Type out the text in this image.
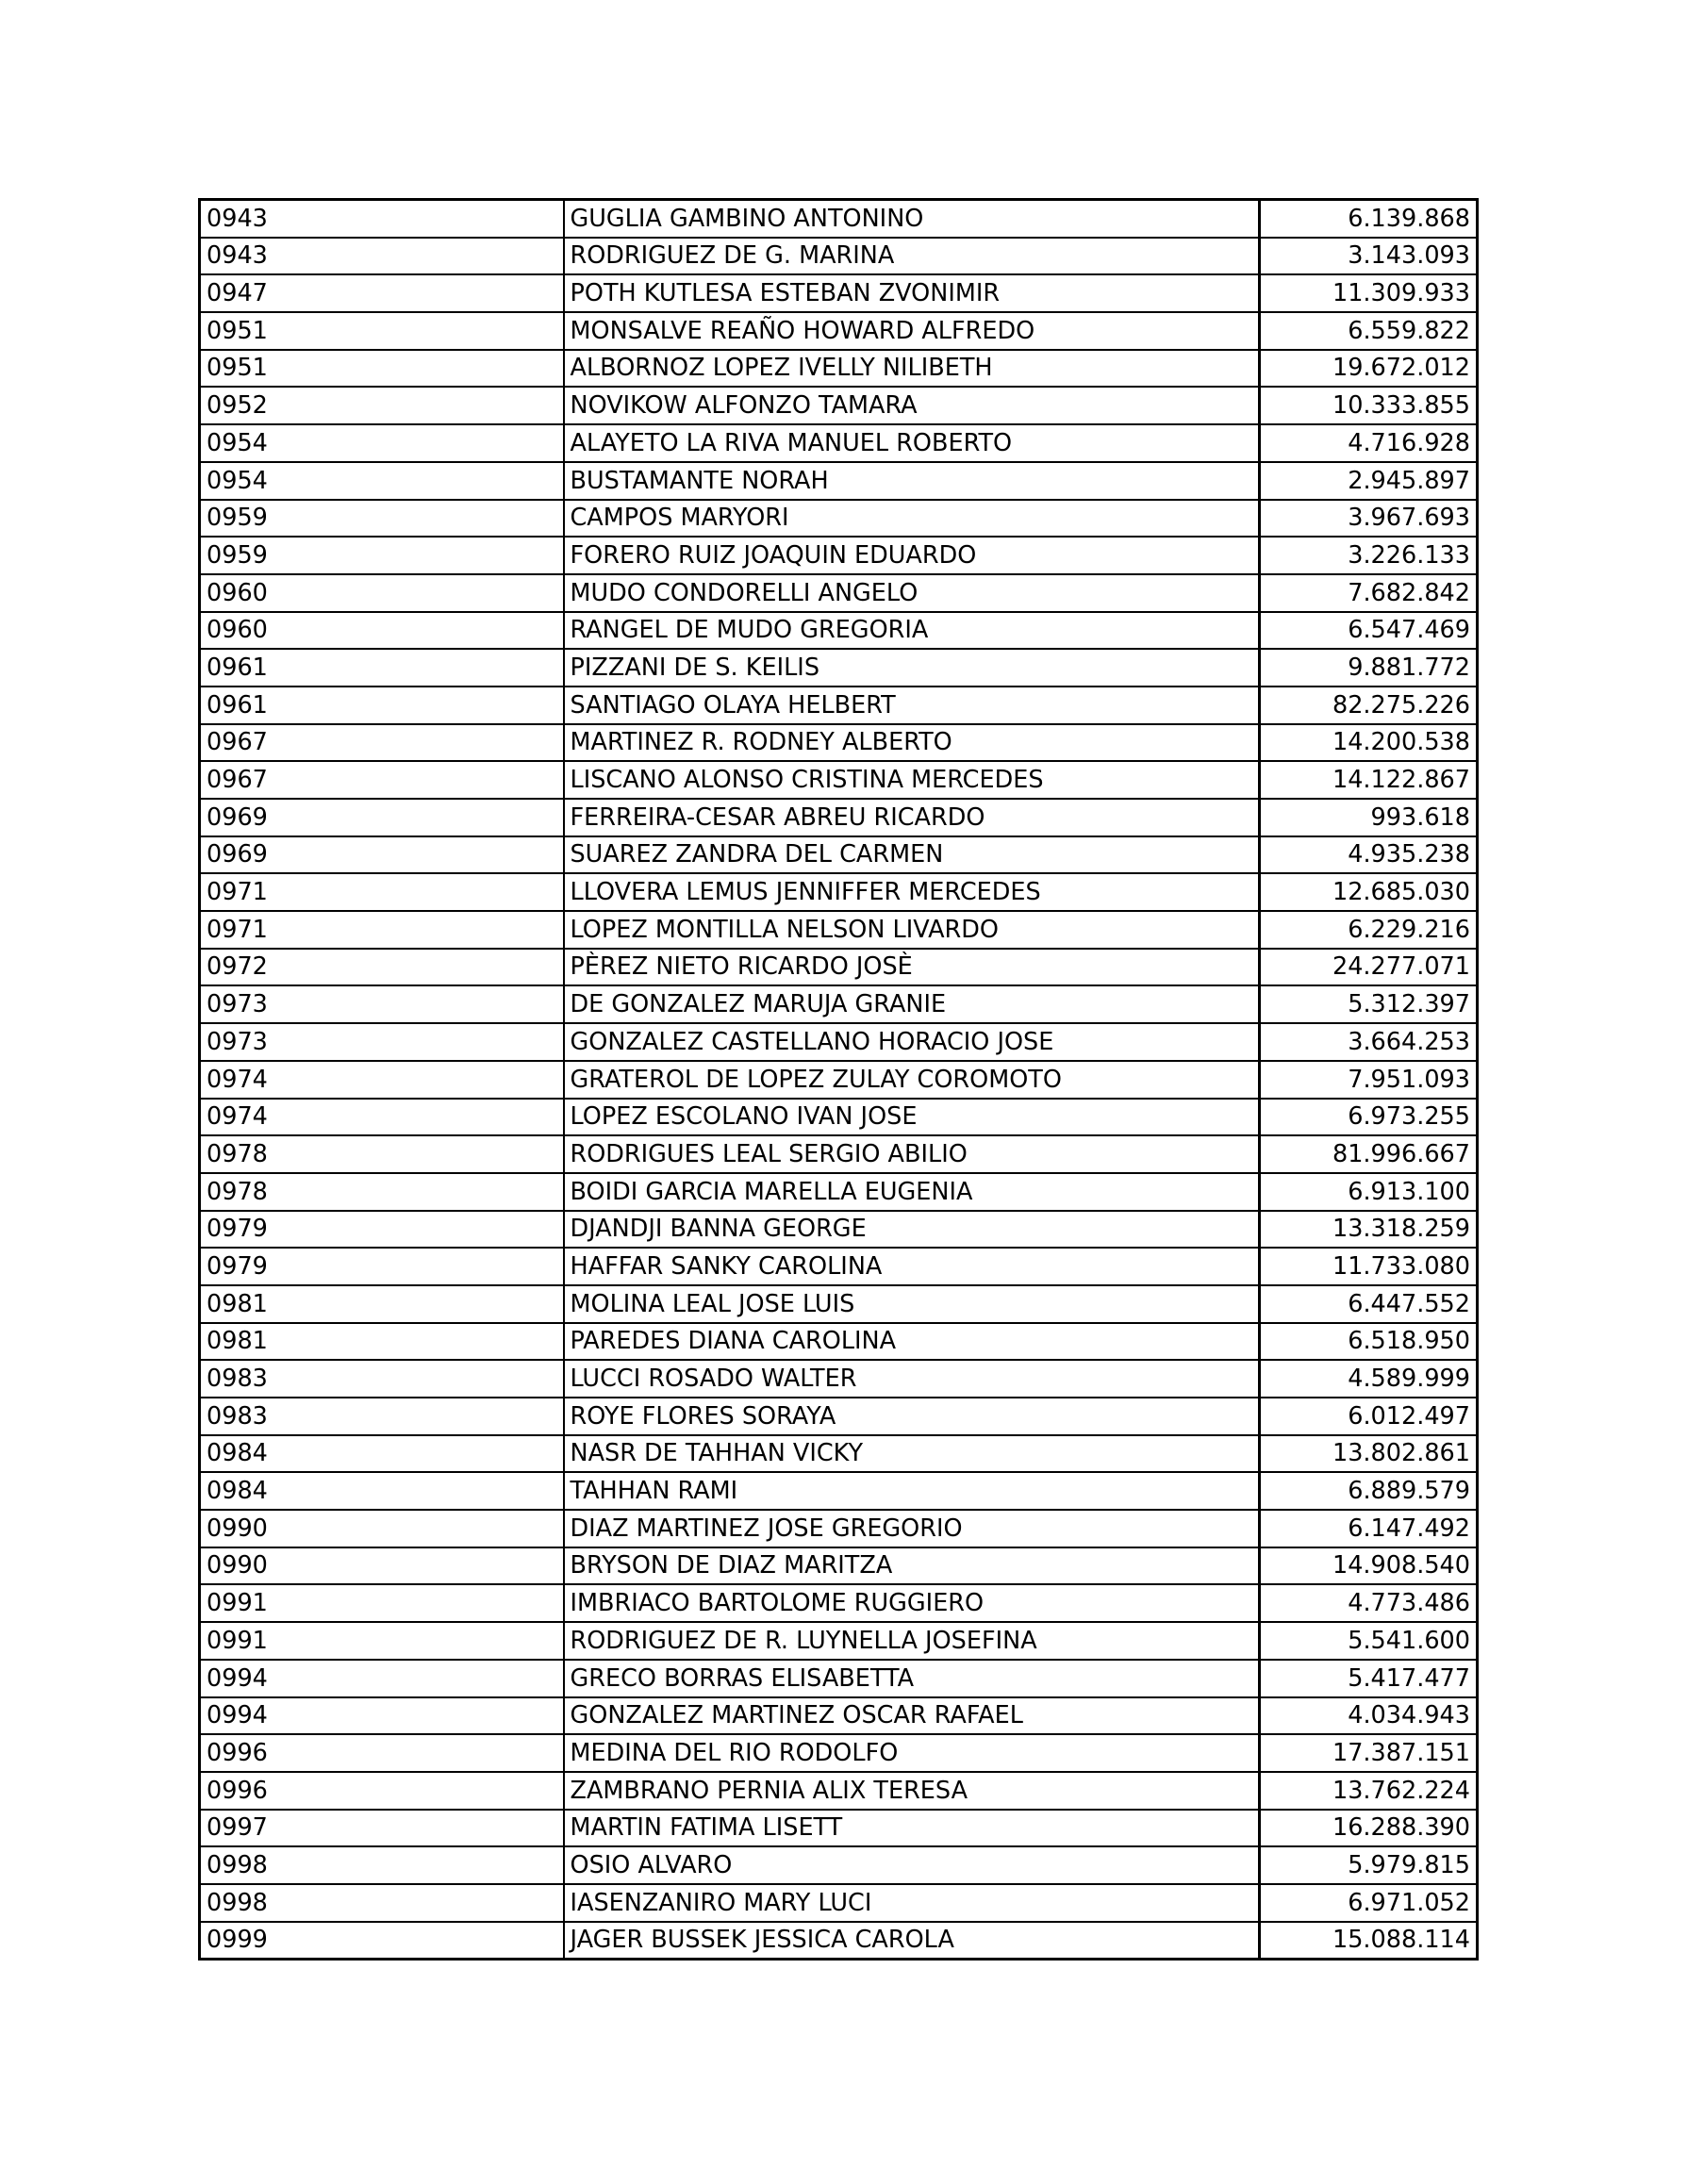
0943	GUGLIA GAMBINO ANTONINO	6.139.868
0943	RODRIGUEZ DE G. MARINA	3.143.093
0947	POTH KUTLESA ESTEBAN ZVONIMIR	11.309.933
0951	MONSALVE REAÑO HOWARD ALFREDO	6.559.822
0951	ALBORNOZ LOPEZ IVELLY NILIBETH	19.672.012
0952	NOVIKOW ALFONZO TAMARA	10.333.855
0954	ALAYETO LA RIVA MANUEL ROBERTO	4.716.928
0954	BUSTAMANTE NORAH	2.945.897
0959	CAMPOS MARYORI	3.967.693
0959	FORERO RUIZ JOAQUIN EDUARDO	3.226.133
0960	MUDO CONDORELLI ANGELO	7.682.842
0960	RANGEL DE MUDO GREGORIA	6.547.469
0961	PIZZANI DE S. KEILIS	9.881.772
0961	SANTIAGO OLAYA HELBERT	82.275.226
0967	MARTINEZ R. RODNEY ALBERTO	14.200.538
0967	LISCANO ALONSO CRISTINA MERCEDES	14.122.867
0969	FERREIRA-CESAR ABREU RICARDO	993.618
0969	SUAREZ ZANDRA DEL CARMEN	4.935.238
0971	LLOVERA LEMUS JENNIFFER MERCEDES	12.685.030
0971	LOPEZ MONTILLA NELSON LIVARDO	6.229.216
0972	PÈREZ NIETO RICARDO JOSÈ	24.277.071
0973	DE GONZALEZ MARUJA GRANIE	5.312.397
0973	GONZALEZ CASTELLANO HORACIO JOSE	3.664.253
0974	GRATEROL DE LOPEZ ZULAY COROMOTO	7.951.093
0974	LOPEZ ESCOLANO IVAN JOSE	6.973.255
0978	RODRIGUES LEAL SERGIO ABILIO	81.996.667
0978	BOIDI GARCIA MARELLA EUGENIA	6.913.100
0979	DJANDJI BANNA GEORGE	13.318.259
0979	HAFFAR SANKY CAROLINA	11.733.080
0981	MOLINA LEAL JOSE LUIS	6.447.552
0981	PAREDES DIANA CAROLINA	6.518.950
0983	LUCCI ROSADO WALTER	4.589.999
0983	ROYE FLORES SORAYA	6.012.497
0984	NASR DE TAHHAN VICKY	13.802.861
0984	TAHHAN RAMI	6.889.579
0990	DIAZ MARTINEZ JOSE GREGORIO	6.147.492
0990	BRYSON DE DIAZ MARITZA	14.908.540
0991	IMBRIACO BARTOLOME RUGGIERO	4.773.486
0991	RODRIGUEZ DE R. LUYNELLA JOSEFINA	5.541.600
0994	GRECO BORRAS ELISABETTA	5.417.477
0994	GONZALEZ MARTINEZ OSCAR RAFAEL	4.034.943
0996	MEDINA DEL RIO RODOLFO	17.387.151
0996	ZAMBRANO PERNIA ALIX TERESA	13.762.224
0997	MARTIN FATIMA LISETT	16.288.390
0998	OSIO ALVARO	5.979.815
0998	IASENZANIRO MARY LUCI	6.971.052
0999	JAGER BUSSEK JESSICA CAROLA	15.088.114
